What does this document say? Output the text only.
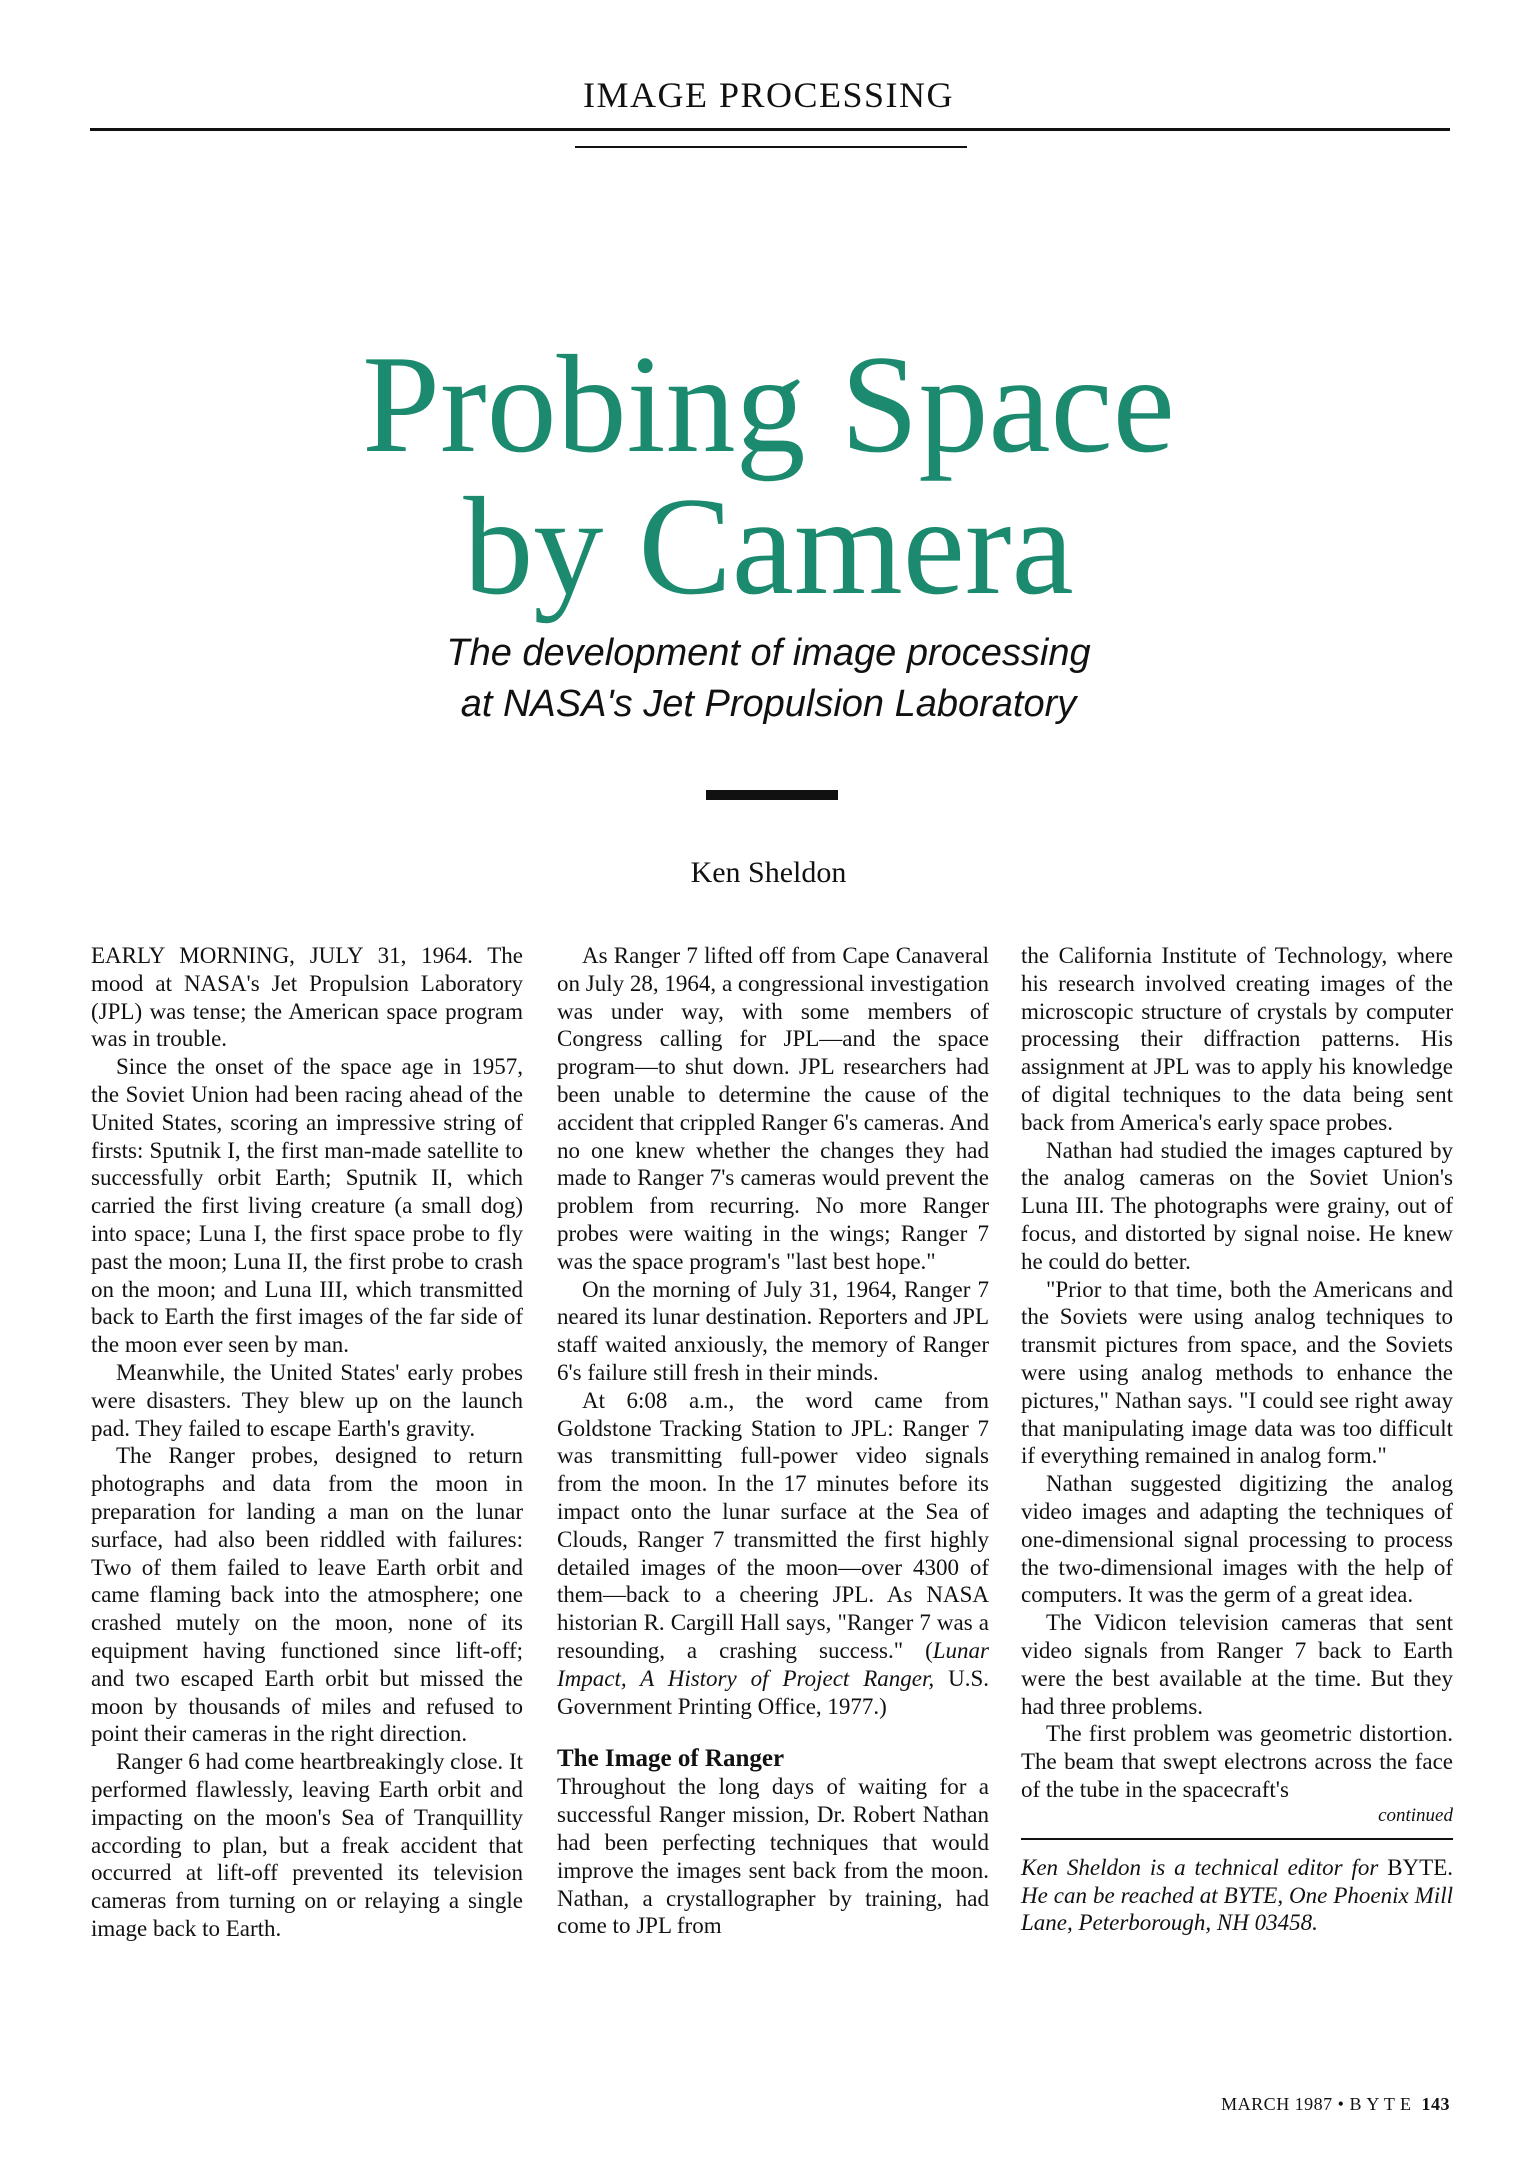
IMAGE PROCESSING
Probing Space
by Camera
The development of image processing
at NASA's Jet Propulsion Laboratory
Ken Sheldon

EARLY MORNING, JULY 31, 1964. The mood at NASA's Jet Propulsion Laboratory (JPL) was tense; the American space program was in trouble.

Since the onset of the space age in 1957, the Soviet Union had been racing ahead of the United States, scoring an impressive string of firsts: Sputnik I, the first man-made satellite to successfully orbit Earth; Sputnik II, which carried the first living creature (a small dog) into space; Luna I, the first space probe to fly past the moon; Luna II, the first probe to crash on the moon; and Luna III, which transmitted back to Earth the first images of the far side of the moon ever seen by man.

Meanwhile, the United States' early probes were disasters. They blew up on the launch pad. They failed to escape Earth's gravity.

The Ranger probes, designed to return photographs and data from the moon in preparation for landing a man on the lunar surface, had also been riddled with failures: Two of them failed to leave Earth orbit and came flaming back into the atmosphere; one crashed mutely on the moon, none of its equipment having functioned since lift-off; and two escaped Earth orbit but missed the moon by thousands of miles and refused to point their cameras in the right direction.

Ranger 6 had come heartbreakingly close. It performed flawlessly, leaving Earth orbit and impacting on the moon's Sea of Tranquillity according to plan, but a freak accident that occurred at lift-off prevented its television cameras from turning on or relaying a single image back to Earth.

As Ranger 7 lifted off from Cape Canaveral on July 28, 1964, a congressional investigation was under way, with some members of Congress calling for JPL—and the space program—to shut down. JPL researchers had been unable to determine the cause of the accident that crippled Ranger 6's cameras. And no one knew whether the changes they had made to Ranger 7's cameras would prevent the problem from recurring. No more Ranger probes were waiting in the wings; Ranger 7 was the space program's "last best hope."

On the morning of July 31, 1964, Ranger 7 neared its lunar destination. Reporters and JPL staff waited anxiously, the memory of Ranger 6's failure still fresh in their minds.

At 6:08 a.m., the word came from Goldstone Tracking Station to JPL: Ranger 7 was transmitting full-power video signals from the moon. In the 17 minutes before its impact onto the lunar surface at the Sea of Clouds, Ranger 7 transmitted the first highly detailed images of the moon—over 4300 of them—back to a cheering JPL. As NASA historian R. Cargill Hall says, "Ranger 7 was a resounding, a crashing success." (Lunar Impact, A History of Project Ranger, U.S. Government Printing Office, 1977.)

The Image of Ranger

Throughout the long days of waiting for a successful Ranger mission, Dr. Robert Nathan had been perfecting techniques that would improve the images sent back from the moon. Nathan, a crystallographer by training, had come to JPL from

the California Institute of Technology, where his research involved creating images of the microscopic structure of crystals by computer processing their diffraction patterns. His assignment at JPL was to apply his knowledge of digital techniques to the data being sent back from America's early space probes.

Nathan had studied the images captured by the analog cameras on the Soviet Union's Luna III. The photographs were grainy, out of focus, and distorted by signal noise. He knew he could do better.

"Prior to that time, both the Americans and the Soviets were using analog techniques to transmit pictures from space, and the Soviets were using analog methods to enhance the pictures," Nathan says. "I could see right away that manipulating image data was too difficult if everything remained in analog form."

Nathan suggested digitizing the analog video images and adapting the techniques of one-dimensional signal processing to process the two-dimensional images with the help of computers. It was the germ of a great idea.

The Vidicon television cameras that sent video signals from Ranger 7 back to Earth were the best available at the time. But they had three problems.

The first problem was geometric distortion. The beam that swept electrons across the face of the tube in the spacecraft's

continued

Ken Sheldon is a technical editor for BYTE. He can be reached at BYTE, One Phoenix Mill Lane, Peterborough, NH 03458.

MARCH 1987 • B Y T E 143
